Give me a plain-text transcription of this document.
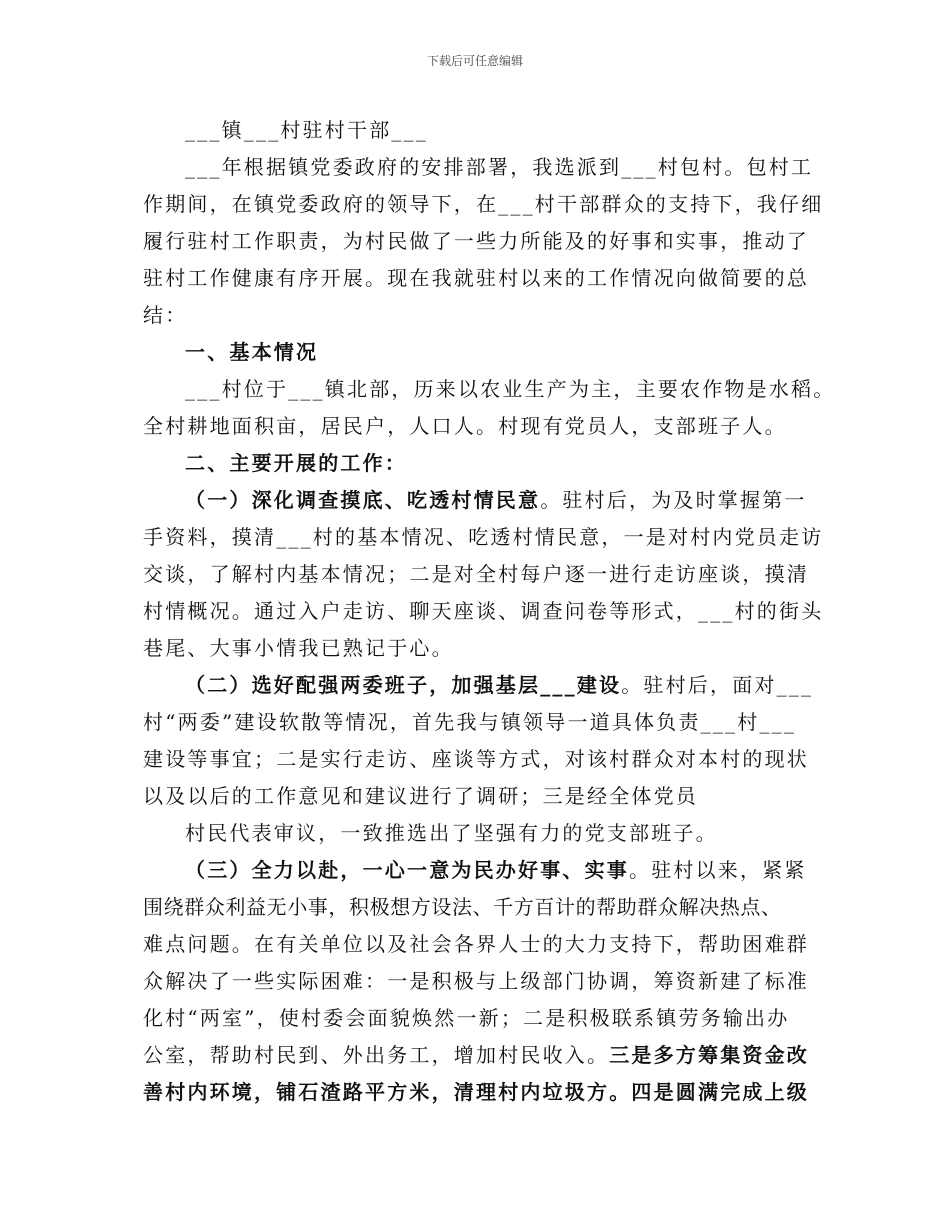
下载后可任意编辑
___镇___村驻村干部___
___年根据镇党委政府的安排部署，我选派到___村包村。包村工
作期间，在镇党委政府的领导下，在___村干部群众的支持下，我仔细
履行驻村工作职责，为村民做了一些力所能及的好事和实事，推动了
驻村工作健康有序开展。现在我就驻村以来的工作情况向做简要的总
结：
一、基本情况
___村位于___镇北部，历来以农业生产为主，主要农作物是水稻。
全村耕地面积亩，居民户，人口人。村现有党员人，支部班子人。
二、主要开展的工作：
（一）深化调查摸底、吃透村情民意。驻村后，为及时掌握第一
手资料，摸清___村的基本情况、吃透村情民意，一是对村内党员走访
交谈，了解村内基本情况；二是对全村每户逐一进行走访座谈，摸清
村情概况。通过入户走访、聊天座谈、调查问卷等形式，___村的街头
巷尾、大事小情我已熟记于心。
（二）选好配强两委班子，加强基层___建设。驻村后，面对___
村“两委”建设软散等情况，首先我与镇领导一道具体负责___村___
建设等事宜；二是实行走访、座谈等方式，对该村群众对本村的现状
以及以后的工作意见和建议进行了调研；三是经全体党员
村民代表审议，一致推选出了坚强有力的党支部班子。
（三）全力以赴，一心一意为民办好事、实事。驻村以来，紧紧
围绕群众利益无小事，积极想方设法、千方百计的帮助群众解决热点、
难点问题。在有关单位以及社会各界人士的大力支持下，帮助困难群
众解决了一些实际困难：一是积极与上级部门协调，筹资新建了标准
化村“两室”，使村委会面貌焕然一新；二是积极联系镇劳务输出办
公室，帮助村民到、外出务工，增加村民收入。三是多方筹集资金改
善村内环境，铺石渣路平方米，清理村内垃圾方。四是圆满完成上级
